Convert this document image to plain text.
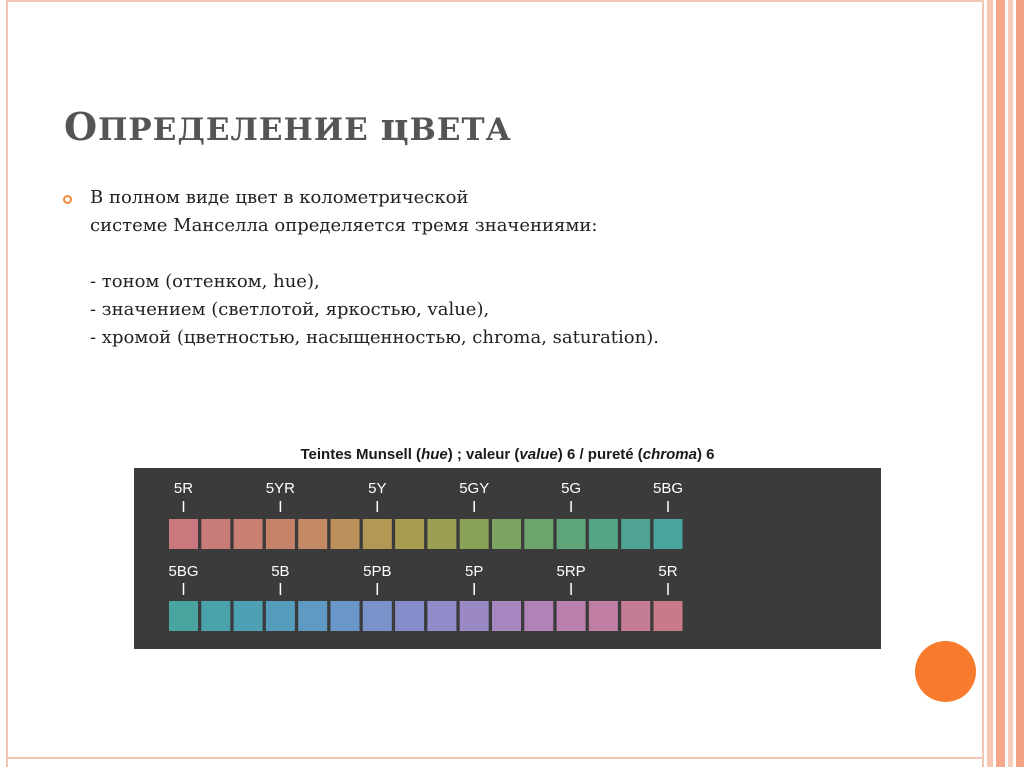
ОПРЕДЕЛЕНИЕ цВЕТА
В полном виде цвет в колометрической
системе Манселла определяется тремя значениями:
- тоном (оттенком, hue),
- значением (светлотой, яркостью, value),
- хромой (цветностью, насыщенностью, chroma, saturation).
Teintes Munsell (hue) ; valeur (value) 6 / pureté (chroma) 6
5R	5YR	5Y	5GY	5G	5BG
5BG	5B	5PB	5P	5RP	5R
